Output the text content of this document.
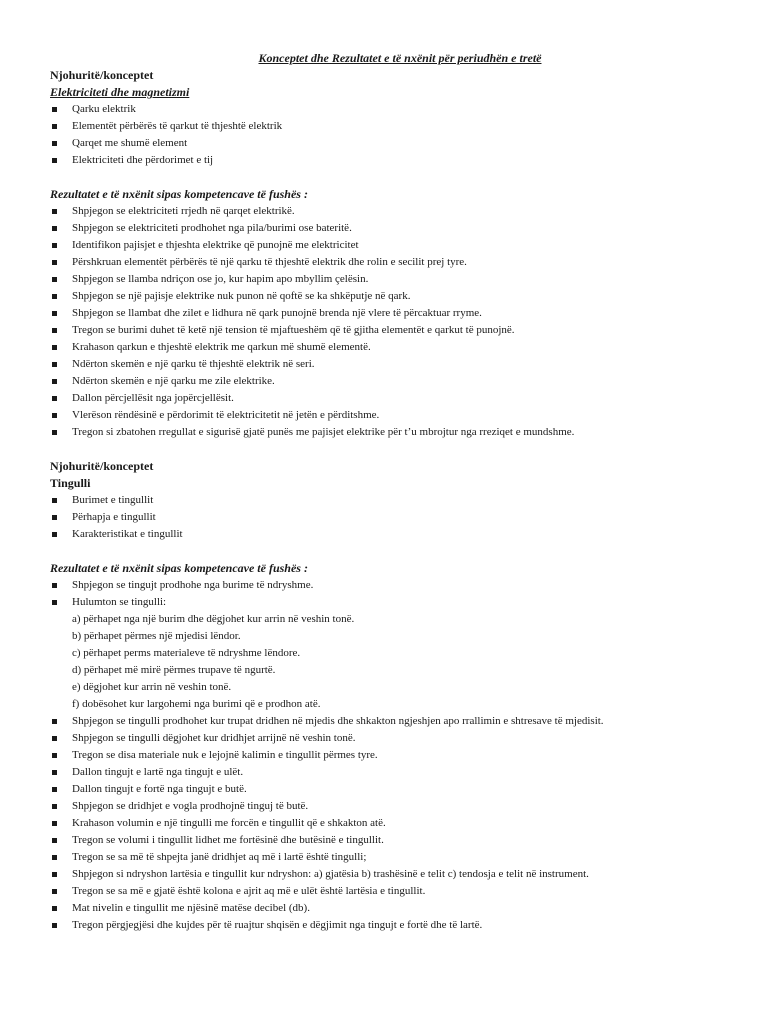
Konceptet dhe Rezultatet e të nxënit për periudhën e tretë
Njohuritë/konceptet
Elektriciteti dhe magnetizmi
Qarku elektrik
Elementët përbërës të qarkut të thjeshtë elektrik
Qarqet me shumë element
Elektriciteti dhe përdorimet e tij
Rezultatet e të nxënit sipas kompetencave të fushës :
Shpjegon se elektriciteti rrjedh në qarqet elektrikë.
Shpjegon se elektriciteti prodhohet nga pila/burimi ose bateritë.
Identifikon pajisjet e thjeshta elektrike që punojnë me elektricitet
Përshkruan elementët përbërës të një qarku të thjeshtë elektrik dhe rolin e secilit prej tyre.
Shpjegon se llamba ndriçon ose jo, kur hapim apo mbyllim çelësin.
Shpjegon se një pajisje elektrike nuk punon në qoftë se ka shkëputje në qark.
Shpjegon se llambat dhe zilet e lidhura në qark punojnë brenda një vlere të përcaktuar rryme.
Tregon se burimi duhet të ketë një tension të mjaftueshëm që të gjitha elementët e qarkut të punojnë.
Krahason qarkun e thjeshtë elektrik me qarkun më shumë elementë.
Ndërton skemën e një qarku të thjeshtë elektrik në seri.
Ndërton skemën e një qarku me zile elektrike.
Dallon përcjellësit nga jopërcjellësit.
Vlerëson rëndësinë e përdorimit të elektricitetit në jetën e përditshme.
Tregon si zbatohen rregullat e sigurisë gjatë punës me pajisjet elektrike për t’u mbrojtur nga rreziqet e mundshme.
Njohuritë/konceptet
Tingulli
Burimet e tingullit
Përhapja e tingullit
Karakteristikat e tingullit
Rezultatet e të nxënit sipas kompetencave të fushës :
Shpjegon se tingujt prodhohe nga burime të ndryshme.
Hulumton se tingulli:
a) përhapet nga një burim dhe dëgjohet kur arrin në veshin tonë.
b) përhapet përmes një mjedisi lëndor.
c) përhapet perms materialeve të ndryshme lëndore.
d) përhapet më mirë përmes trupave të ngurtë.
e) dëgjohet kur arrin në veshin tonë.
f) dobësohet kur largohemi nga burimi që e prodhon atë.
Shpjegon se tingulli prodhohet kur trupat dridhen në mjedis dhe shkakton ngjeshjen apo rrallimin e shtresave të mjedisit.
Shpjegon se tingulli dëgjohet kur dridhjet arrijnë në veshin tonë.
Tregon se disa materiale nuk e lejojnë kalimin e tingullit përmes tyre.
Dallon tingujt e lartë nga tingujt e ulët.
Dallon tingujt e fortë nga tingujt e butë.
Shpjegon se dridhjet e vogla prodhojnë tinguj të butë.
Krahason volumin e një tingulli me forcën e tingullit që e shkakton atë.
Tregon se volumi i tingullit lidhet me fortësinë dhe butësinë e tingullit.
Tregon se sa më të shpejta janë dridhjet aq më i lartë është tingulli;
Shpjegon si ndryshon lartësia e tingullit kur ndryshon: a) gjatësia b) trashësinë e telit c) tendosja e telit në instrument.
Tregon se sa më e gjatë është kolona e ajrit aq më e ulët është lartësia e tingullit.
Mat nivelin e tingullit me njësinë matëse decibel (db).
Tregon përgjegjësi dhe kujdes për të ruajtur shqisën e dëgjimit nga tingujt e fortë dhe të lartë.
